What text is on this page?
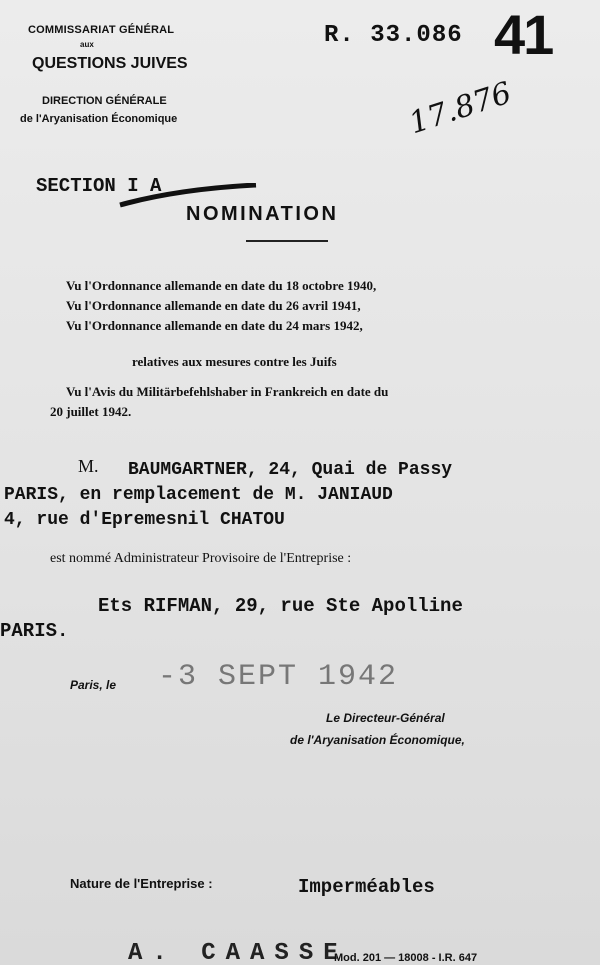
COMMISSARIAT GÉNÉRAL
aux
QUESTIONS JUIVES
DIRECTION GÉNÉRALE
de l'Aryanisation Économique
R. 33.086 41
17.876
SECTION I A
NOMINATION
Vu l'Ordonnance allemande en date du 18 octobre 1940,
Vu l'Ordonnance allemande en date du 26 avril 1941,
Vu l'Ordonnance allemande en date du 24 mars 1942,
relatives aux mesures contre les Juifs
Vu l'Avis du Militärbefehlshaber in Frankreich en date du
20 juillet 1942.
M. BAUMGARTNER, 24, Quai de Passy
PARIS, en remplacement de M. JANIAUD
4, rue d'Epremesnil CHATOU
est nommé Administrateur Provisoire de l'Entreprise :
Ets RIFMAN, 29, rue Ste Apolline
PARIS.
Paris, le -3 SEPT 1942
Le Directeur-Général
de l'Aryanisation Économique,
Nature de l'Entreprise :	Imperméables
A. CAASSE
Mod. 201 — 18008 - I.R. 647
